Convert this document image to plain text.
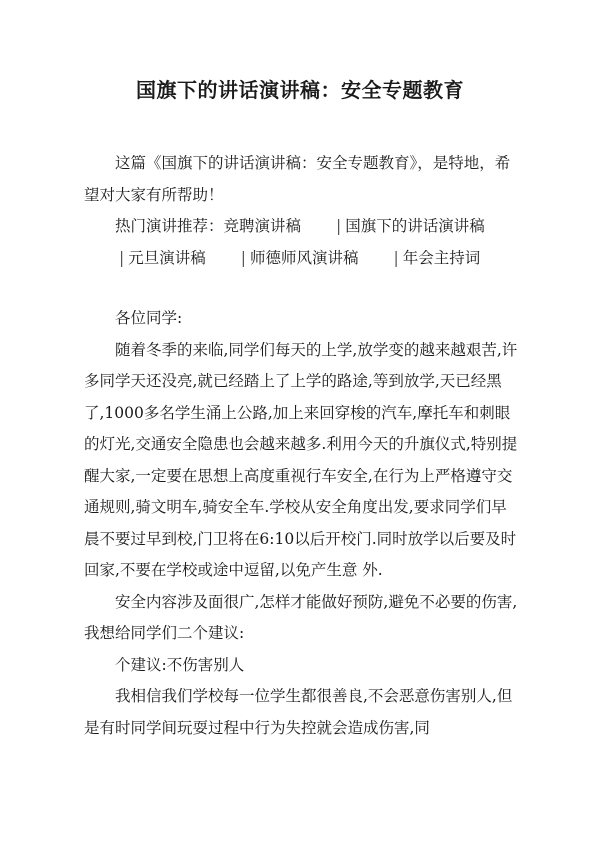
国旗下的讲话演讲稿：安全专题教育

这篇《国旗下的讲话演讲稿：安全专题教育》，是特地，希望对大家有所帮助！

热门演讲推荐：竞聘演讲稿 | 国旗下的讲话演讲稿| 元旦演讲稿 | 师德师风演讲稿 | 年会主持词

各位同学:

随着冬季的来临,同学们每天的上学,放学变的越来越艰苦,许多同学天还没亮,就已经踏上了上学的路途,等到放学,天已经黑了,1000多名学生涌上公路,加上来回穿梭的汽车,摩托车和刺眼的灯光,交通安全隐患也会越来越多.利用今天的升旗仪式,特别提醒大家,一定要在思想上高度重视行车安全,在行为上严格遵守交通规则,骑文明车,骑安全车.学校从安全角度出发,要求同学们早晨不要过早到校,门卫将在6:10以后开校门.同时放学以后要及时回家,不要在学校或途中逗留,以免产生意 外.

安全内容涉及面很广,怎样才能做好预防,避免不必要的伤害,我想给同学们二个建议:

个建议:不伤害别人

我相信我们学校每一位学生都很善良,不会恶意伤害别人,但是有时同学间玩耍过程中行为失控就会造成伤害,同
